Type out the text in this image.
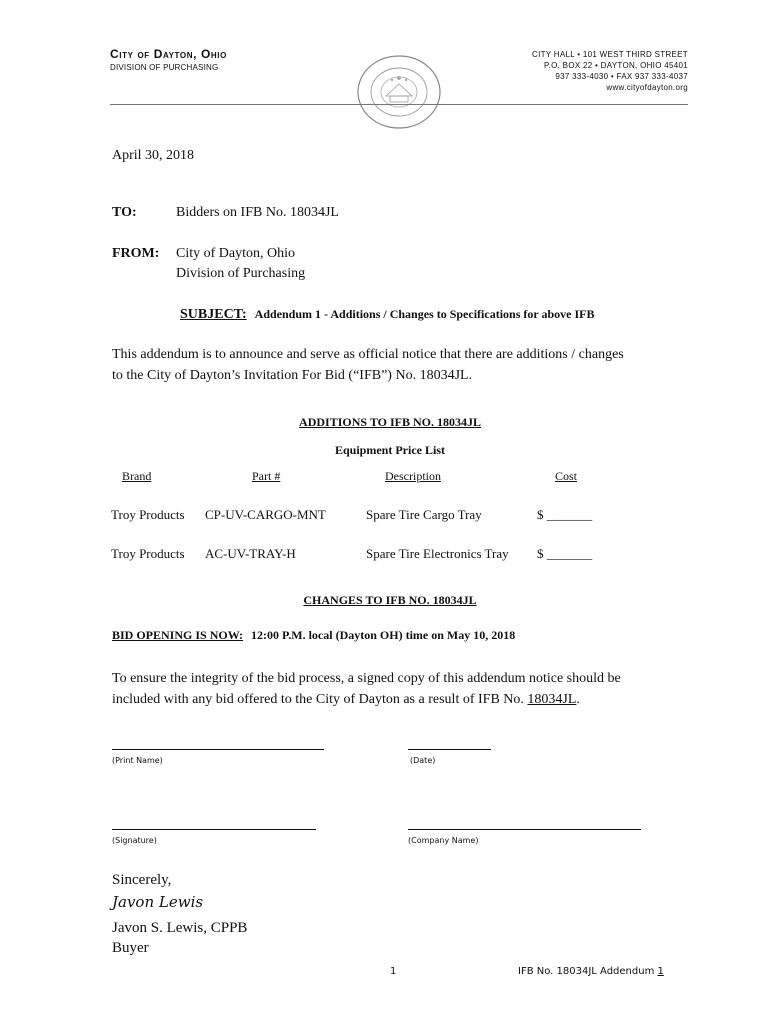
City of Dayton, Ohio
DIVISION OF PURCHASING
CITY HALL • 101 WEST THIRD STREET
P.O. BOX 22 • DAYTON, OHIO 45401
937 333-4030 • FAX 937 333-4037
www.cityofdayton.org
April 30, 2018
TO:	Bidders on IFB No. 18034JL
FROM: City of Dayton, Ohio
Division of Purchasing
SUBJECT: Addendum 1 - Additions / Changes to Specifications for above IFB
This addendum is to announce and serve as official notice that there are additions / changes
to the City of Dayton’s Invitation For Bid (“IFB”) No. 18034JL.
ADDITIONS TO IFB NO. 18034JL
Equipment Price List
Brand	Part #	Description	Cost
Troy Products CP-UV-CARGO-MNT	Spare Tire Cargo Tray	$ _______
Troy Products AC-UV-TRAY-H	Spare Tire Electronics Tray $ _______
CHANGES TO IFB NO. 18034JL
BID OPENING IS NOW: 12:00 P.M. local (Dayton OH) time on May 10, 2018
To ensure the integrity of the bid process, a signed copy of this addendum notice should be
included with any bid offered to the City of Dayton as a result of IFB No. 18034JL.
(Print Name)	(Date)
(Signature)	(Company Name)
Sincerely,
Javon Lewis
Javon S. Lewis, CPPB
Buyer
1	IFB No. 18034JL Addendum 1
